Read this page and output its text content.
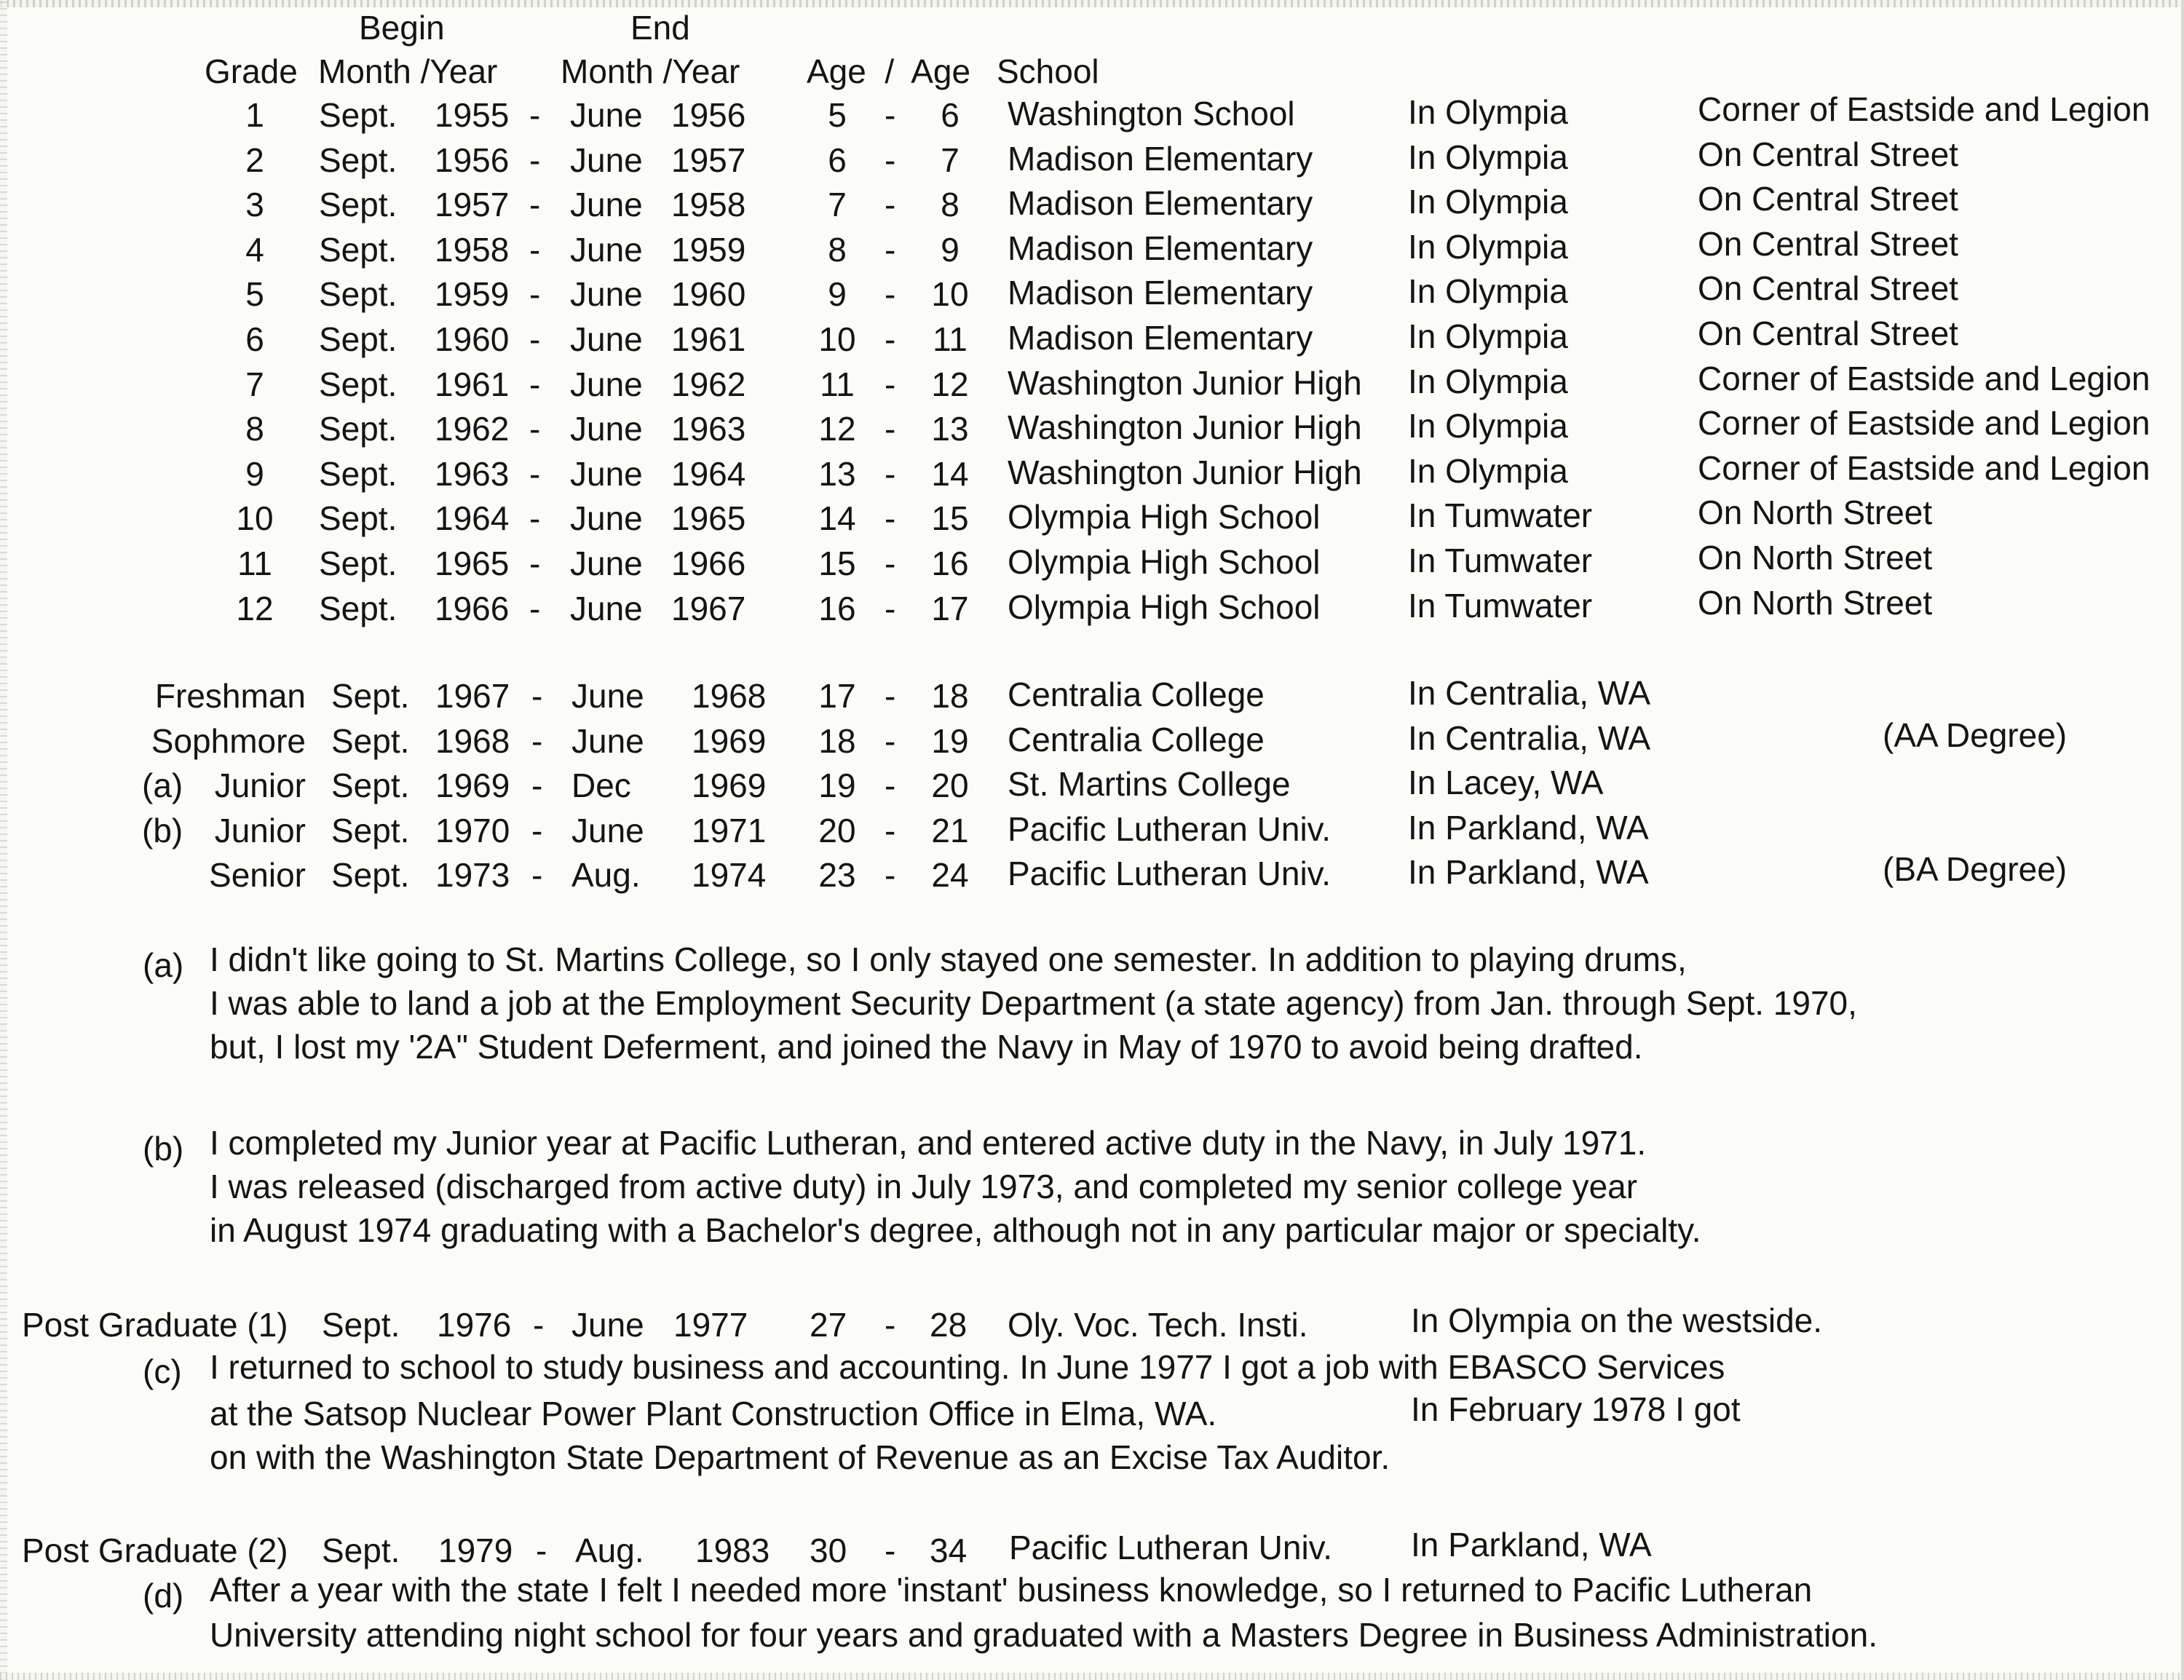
Begin	End
Grade Month /Year Month /Year Age  /  Age School
1	Sept. 1955 - June 1956	5	-	6	Washington School	In Olympia	Corner of Eastside and Legion
2	Sept. 1956 - June 1957	6	-	7	Madison Elementary	In Olympia	On Central Street
3	Sept. 1957 - June 1958	7	-	8	Madison Elementary	In Olympia	On Central Street
4	Sept. 1958 - June 1959	8	-	9	Madison Elementary	In Olympia	On Central Street
5	Sept. 1959 - June 1960	9	-	10	Madison Elementary	In Olympia	On Central Street
6	Sept. 1960 - June 1961	10 -	11	Madison Elementary	In Olympia	On Central Street
7	Sept. 1961 - June 1962	11 -	12	Washington Junior High In Olympia	Corner of Eastside and Legion
8	Sept. 1962 - June 1963	12 -	13	Washington Junior High In Olympia	Corner of Eastside and Legion
9	Sept. 1963 - June 1964	13 -	14	Washington Junior High In Olympia	Corner of Eastside and Legion
10	Sept. 1964 - June 1965	14 -	15	Olympia High School	In Tumwater	On North Street
11	Sept. 1965 - June 1966	15 -	16	Olympia High School	In Tumwater	On North Street
12	Sept. 1966 - June 1967	16 -	17	Olympia High School	In Tumwater	On North Street
Freshman Sept. 1967 - June 1968	17 -	18	Centralia College	In Centralia, WA
Sophmore Sept. 1968 - June 1969	18 -	19	Centralia College	In Centralia, WA	(AA Degree)
(a) Junior Sept. 1969 - Dec 1969	19 -	20	St. Martins College	In Lacey, WA
(b) Junior Sept. 1970 - June 1971	20 -	21	Pacific Lutheran Univ. In Parkland, WA
Senior Sept. 1973 - Aug. 1974	23 -	24	Pacific Lutheran Univ. In Parkland, WA	(BA Degree)
(a) I didn't like going to St. Martins College, so I only stayed one semester. In addition to playing drums,
I was able to land a job at the Employment Security Department (a state agency) from Jan. through Sept. 1970,
but, I lost my '2A" Student Deferment, and joined the Navy in May of 1970 to avoid being drafted.
(b) I completed my Junior year at Pacific Lutheran, and entered active duty in the Navy, in July 1971.
I was released (discharged from active duty) in July 1973, and completed my senior college year
in August 1974 graduating with a Bachelor's degree, although not in any particular major or specialty.
Post Graduate (1) Sept. 1976 - June 1977 27 - 28 Oly. Voc. Tech. Insti.	In Olympia on the westside.
(c) I returned to school to study business and accounting. In June 1977 I got a job with EBASCO Services
at the Satsop Nuclear Power Plant Construction Office in Elma, WA.	In February 1978 I got
on with the Washington State Department of Revenue as an Excise Tax Auditor.
Post Graduate (2) Sept. 1979 - Aug. 1983 30 - 34 Pacific Lutheran Univ. In Parkland, WA
(d) After a year with the state I felt I needed more 'instant' business knowledge, so I returned to Pacific Lutheran
University attending night school for four years and graduated with a Masters Degree in Business Administration.
